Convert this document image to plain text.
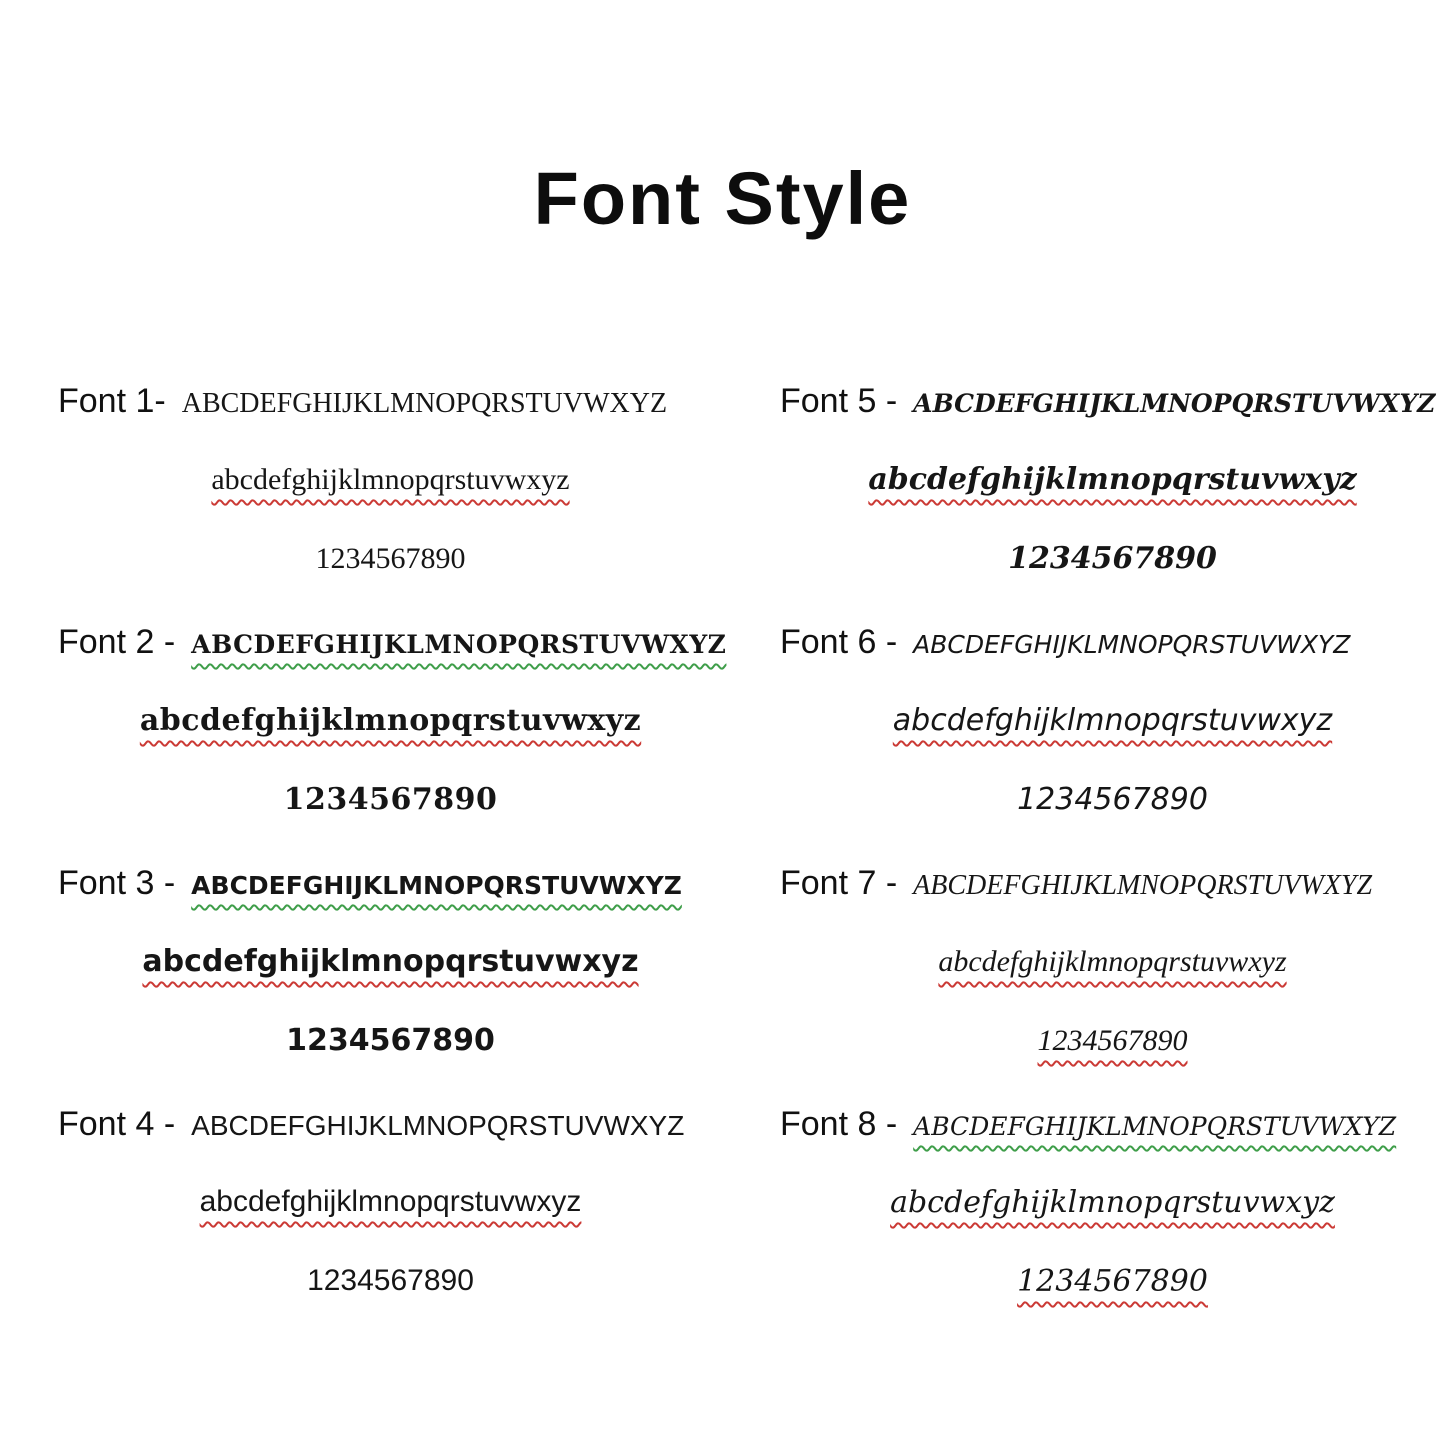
Font Style
Font 1- ABCDEFGHIJKLMNOPQRSTUVWXYZ
abcdefghijklmnopqrstuvwxyz
1234567890
Font 2 - ABCDEFGHIJKLMNOPQRSTUVWXYZ
abcdefghijklmnopqrstuvwxyz
1234567890
Font 3 - ABCDEFGHIJKLMNOPQRSTUVWXYZ
abcdefghijklmnopqrstuvwxyz
1234567890
Font 4 - ABCDEFGHIJKLMNOPQRSTUVWXYZ
abcdefghijklmnopqrstuvwxyz
1234567890
Font 5 - ABCDEFGHIJKLMNOPQRSTUVWXYZ
abcdefghijklmnopqrstuvwxyz
1234567890
Font 6 - ABCDEFGHIJKLMNOPQRSTUVWXYZ
abcdefghijklmnopqrstuvwxyz
1234567890
Font 7 - ABCDEFGHIJKLMNOPQRSTUVWXYZ
abcdefghijklmnopqrstuvwxyz
1234567890
Font 8 - ABCDEFGHIJKLMNOPQRSTUVWXYZ
abcdefghijklmnopqrstuvwxyz
1234567890
